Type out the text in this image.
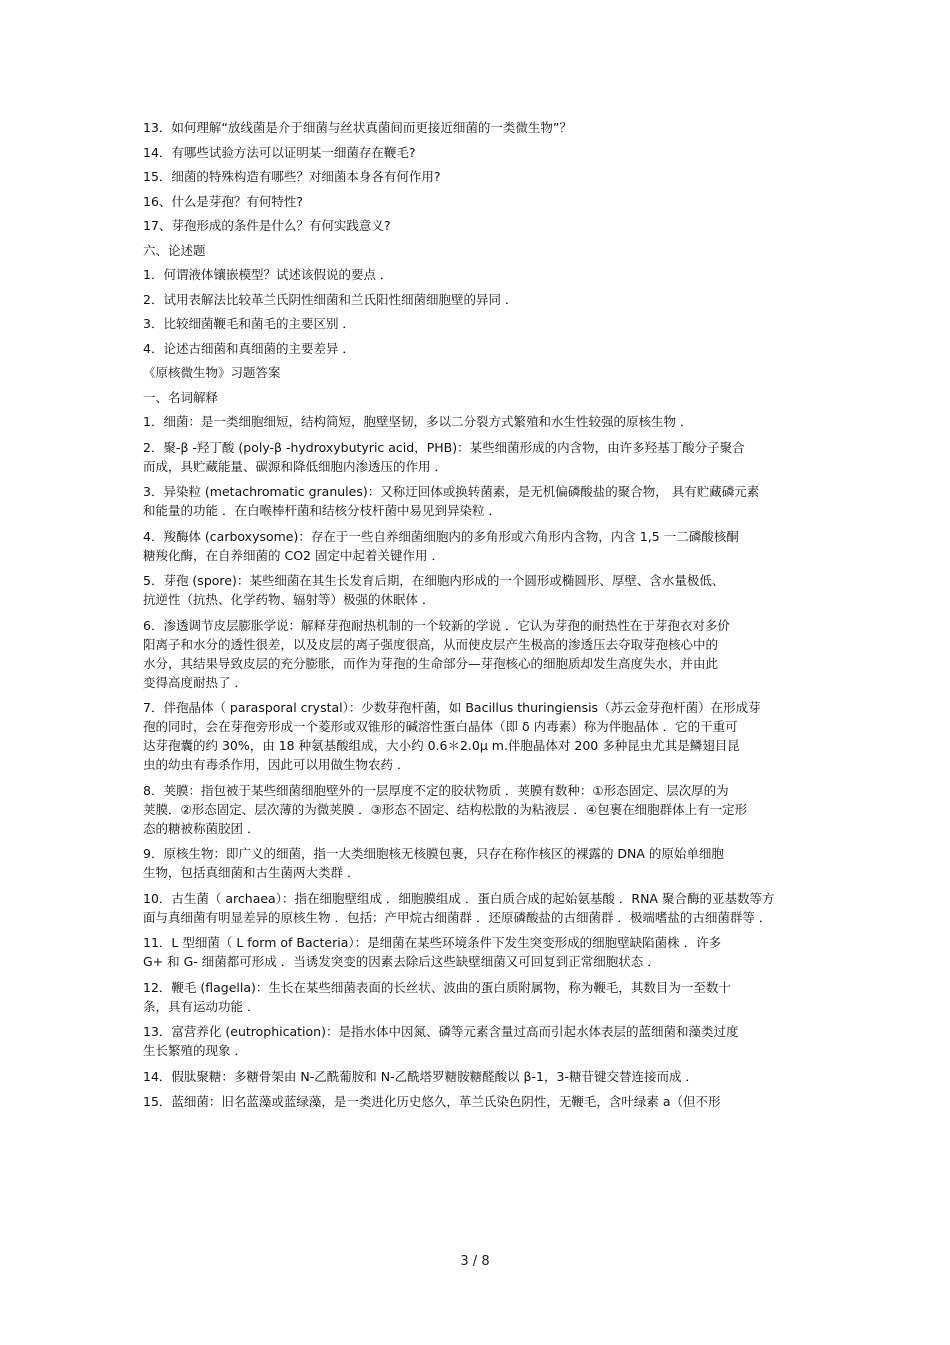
13．如何理解“放线菌是介于细菌与丝状真菌间而更接近细菌的一类微生物”？

14．有哪些试验方法可以证明某一细菌存在鞭毛?

15．细菌的特殊构造有哪些？对细菌本身各有何作用?

16、什么是芽孢？有何特性?

17、芽孢形成的条件是什么？有何实践意义?

六、论述题

1．何谓液体镶嵌模型？试述该假说的要点 ．

2．试用表解法比较革兰氏阴性细菌和兰氏阳性细菌细胞壁的异同 ．

3．比较细菌鞭毛和菌毛的主要区别 ．

4．论述古细菌和真细菌的主要差异 ．

《原核微生物》习题答案

一、名词解释

1．细菌：是一类细胞细短，结构简短，胞壁坚韧，多以二分裂方式繁殖和水生性较强的原核生物 ．

2．聚-β -羟丁酸 (poly-β -hydroxybutyric acid，PHB)：某些细菌形成的内含物，由许多羟基丁酸分子聚合

而成，具贮藏能量、碳源和降低细胞内渗透压的作用 ．

3．异染粒 (metachromatic granules)：又称迂回体或换转菌素，是无机偏磷酸盐的聚合物， 具有贮藏磷元素

和能量的功能 ．在白喉棒杆菌和结核分枝杆菌中易见到异染粒 ．

4．羧酶体 (carboxysome)：存在于一些自养细菌细胞内的多角形或六角形内含物，内含 1,5 一二磷酸核酮

糖羧化酶，在自养细菌的 CO2 固定中起着关键作用 ．

5．芽孢 (spore)：某些细菌在其生长发育后期，在细胞内形成的一个圆形或椭圆形、厚壁、含水量极低、

抗逆性（抗热、化学药物、辐射等）极强的休眠体 ．

6．渗透调节皮层膨胀学说：解释芽孢耐热机制的一个较新的学说 ．它认为芽孢的耐热性在于芽孢衣对多价

阳离子和水分的透性很差，以及皮层的离子强度很高，从而使皮层产生极高的渗透压去夺取芽孢核心中的

水分，其结果导致皮层的充分膨胀，而作为芽孢的生命部分—芽孢核心的细胞质却发生高度失水，并由此

变得高度耐热了 ．

7．伴孢晶体（ parasporal crystal）：少数芽孢杆菌，如 Bacillus thuringiensis（苏云金芽孢杆菌）在形成芽

孢的同时，会在芽孢旁形成一个菱形或双锥形的碱溶性蛋白晶体（即 δ 内毒素）称为伴胞晶体 ．它的干重可

达芽孢囊的约 30%，由 18 种氨基酸组成，大小约 0.6＊2.0μ m.伴胞晶体对 200 多种昆虫尤其是鳞翅目昆

虫的幼虫有毒杀作用，因此可以用做生物农药 ．

8．荚膜：指包被于某些细菌细胞壁外的一层厚度不定的胶状物质 ．荚膜有数种：①形态固定、层次厚的为

荚膜．②形态固定、层次薄的为微荚膜 ．③形态不固定、结构松散的为粘液层 ．④包裹在细胞群体上有一定形

态的糖被称菌胶团 ．

9．原核生物：即广义的细菌，指一大类细胞核无核膜包裹，只存在称作核区的裸露的 DNA 的原始单细胞

生物，包括真细菌和古生菌两大类群 ．

10．古生菌（ archaea）：指在细胞壁组成 ．细胞膜组成 ．蛋白质合成的起始氨基酸 ．RNA 聚合酶的亚基数等方

面与真细菌有明显差异的原核生物 ．包括：产甲烷古细菌群 ．还原磷酸盐的古细菌群 ．极端嗜盐的古细菌群等 ．

11．L 型细菌（ L form of Bacteria）：是细菌在某些环境条件下发生突变形成的细胞壁缺陷菌株 ．许多

G+ 和 G- 细菌都可形成 ．当诱发突变的因素去除后这些缺壁细菌又可回复到正常细胞状态 ．

12．鞭毛 (flagella)：生长在某些细菌表面的长丝状、波曲的蛋白质附属物，称为鞭毛，其数目为一至数十

条，具有运动功能 ．

13．富营养化 (eutrophication)：是指水体中因氮、磷等元素含量过高而引起水体表层的蓝细菌和藻类过度

生长繁殖的现象 ．

14．假肽聚糖：多糖骨架由 N-乙酰葡胺和 N-乙酰塔罗糖胺糖醛酸以 β-1，3-糖苷键交替连接而成 ．

15．蓝细菌：旧名蓝藻或蓝绿藻，是一类进化历史悠久，革兰氏染色阴性，无鞭毛，含叶绿素 a（但不形

3 / 8
